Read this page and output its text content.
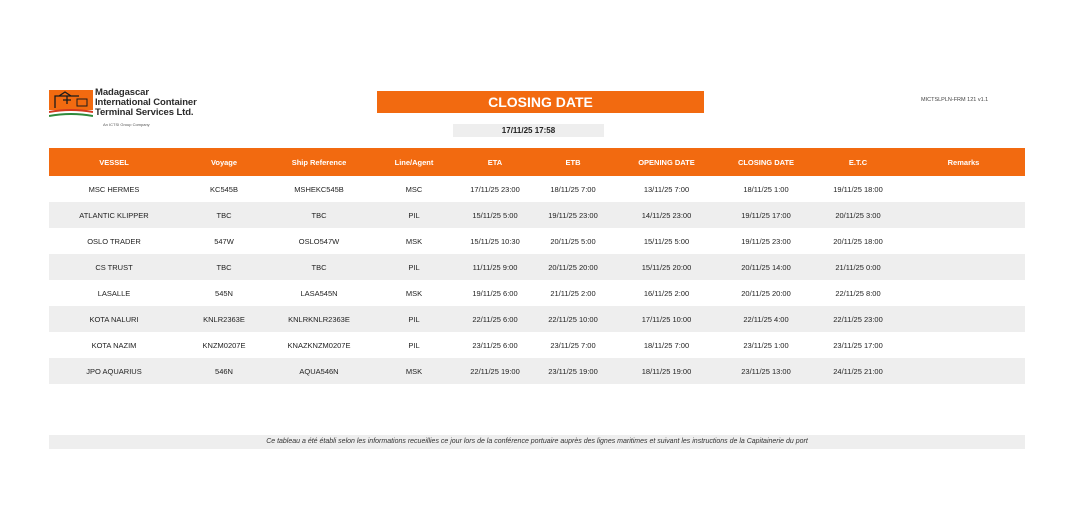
Madagascar
International Container
Terminal Services Ltd.
An ICTSI Group Company
CLOSING DATE
17/11/25 17:58
MICTSLPLN-FRM 121 v1.1
VESSEL	Voyage	Ship Reference	Line/Agent	ETA	ETB	OPENING DATE	CLOSING DATE	E.T.C	Remarks
MSC HERMES	KC545B	MSHEKC545B	MSC	17/11/25 23:00	18/11/25 7:00	13/11/25 7:00	18/11/25 1:00	19/11/25 18:00	
ATLANTIC KLIPPER	TBC	TBC	PIL	15/11/25 5:00	19/11/25 23:00	14/11/25 23:00	19/11/25 17:00	20/11/25 3:00	
OSLO TRADER	547W	OSLO547W	MSK	15/11/25 10:30	20/11/25 5:00	15/11/25 5:00	19/11/25 23:00	20/11/25 18:00	
CS TRUST	TBC	TBC	PIL	11/11/25 9:00	20/11/25 20:00	15/11/25 20:00	20/11/25 14:00	21/11/25 0:00	
LASALLE	545N	LASA545N	MSK	19/11/25 6:00	21/11/25 2:00	16/11/25 2:00	20/11/25 20:00	22/11/25 8:00	
KOTA NALURI	KNLR2363E	KNLRKNLR2363E	PIL	22/11/25 6:00	22/11/25 10:00	17/11/25 10:00	22/11/25 4:00	22/11/25 23:00	
KOTA NAZIM	KNZM0207E	KNAZKNZM0207E	PIL	23/11/25 6:00	23/11/25 7:00	18/11/25 7:00	23/11/25 1:00	23/11/25 17:00	
JPO AQUARIUS	546N	AQUA546N	MSK	22/11/25 19:00	23/11/25 19:00	18/11/25 19:00	23/11/25 13:00	24/11/25 21:00	
Ce tableau a été établi selon les informations recueillies ce jour lors de la conférence portuaire auprès des lignes maritimes et suivant les instructions de la Capitainerie du port
